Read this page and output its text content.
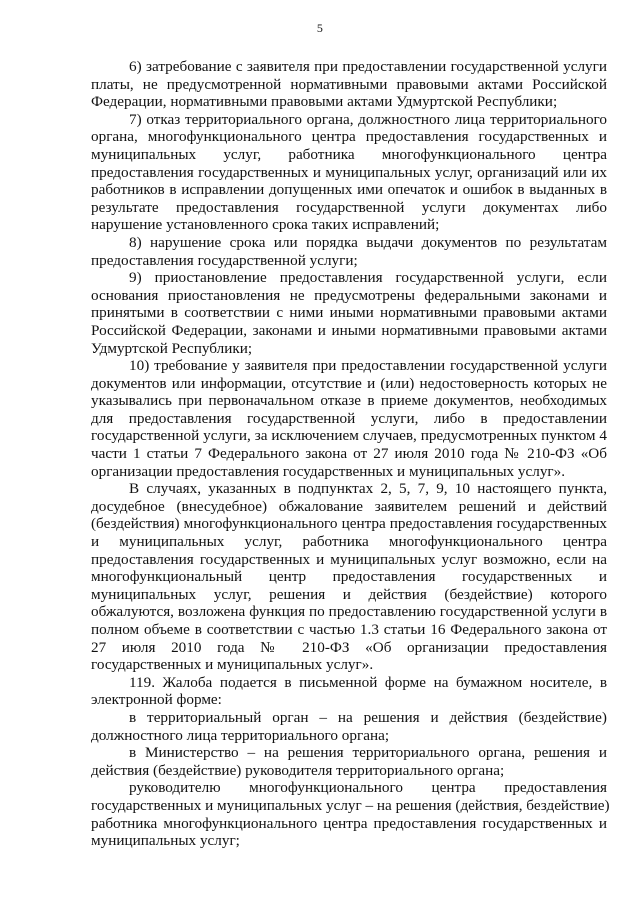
5
6) затребование с заявителя при предоставлении государственной услуги
платы, не предусмотренной нормативными правовыми актами Российской
Федерации, нормативными правовыми актами Удмуртской Республики;
7) отказ территориального органа, должностного лица территориального
органа, многофункционального центра предоставления государственных и
муниципальных услуг, работника многофункционального центра
предоставления государственных и муниципальных услуг, организаций или их
работников в исправлении допущенных ими опечаток и ошибок в выданных в
результате предоставления государственной услуги документах либо
нарушение установленного срока таких исправлений;
8) нарушение срока или порядка выдачи документов по результатам
предоставления государственной услуги;
9) приостановление предоставления государственной услуги, если
основания приостановления не предусмотрены федеральными законами и
принятыми в соответствии с ними иными нормативными правовыми актами
Российской Федерации, законами и иными нормативными правовыми актами
Удмуртской Республики;
10) требование у заявителя при предоставлении государственной услуги
документов или информации, отсутствие и (или) недостоверность которых не
указывались при первоначальном отказе в приеме документов, необходимых
для предоставления государственной услуги, либо в предоставлении
государственной услуги, за исключением случаев, предусмотренных пунктом 4
части 1 статьи 7 Федерального закона от 27 июля 2010 года № 210-ФЗ «Об
организации предоставления государственных и муниципальных услуг».
В случаях, указанных в подпунктах 2, 5, 7, 9, 10 настоящего пункта,
досудебное (внесудебное) обжалование заявителем решений и действий
(бездействия) многофункционального центра предоставления государственных
и муниципальных услуг, работника многофункционального центра
предоставления государственных и муниципальных услуг возможно, если на
многофункциональный центр предоставления государственных и
муниципальных услуг, решения и действия (бездействие) которого
обжалуются, возложена функция по предоставлению государственной услуги в
полном объеме в соответствии с частью 1.3 статьи 16 Федерального закона от
27 июля 2010 года № 210-ФЗ «Об организации предоставления
государственных и муниципальных услуг».
119. Жалоба подается в письменной форме на бумажном носителе, в
электронной форме:
в территориальный орган – на решения и действия (бездействие)
должностного лица территориального органа;
в Министерство – на решения территориального органа, решения и
действия (бездействие) руководителя территориального органа;
руководителю многофункционального центра предоставления
государственных и муниципальных услуг – на решения (действия, бездействие)
работника многофункционального центра предоставления государственных и
муниципальных услуг;
